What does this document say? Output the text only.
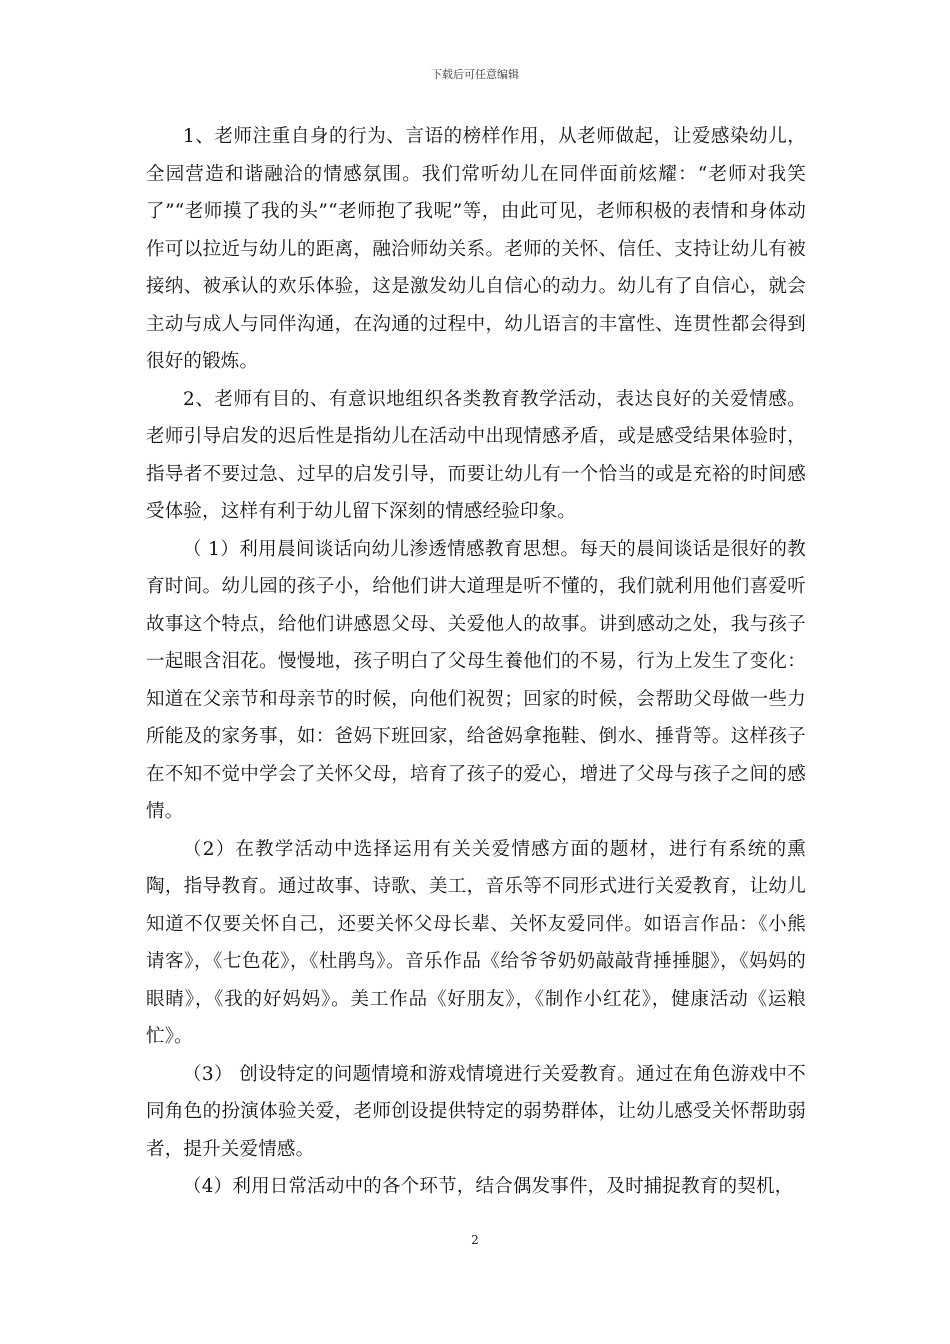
下载后可任意编辑

1、老师注重自身的行为、言语的榜样作用，从老师做起，让爱感染幼儿，全园营造和谐融洽的情感氛围。我们常听幼儿在同伴面前炫耀：“老师对我笑了”“老师摸了我的头”“老师抱了我呢”等，由此可见，老师积极的表情和身体动作可以拉近与幼儿的距离，融洽师幼关系。老师的关怀、信任、支持让幼儿有被接纳、被承认的欢乐体验，这是激发幼儿自信心的动力。幼儿有了自信心，就会主动与成人与同伴沟通，在沟通的过程中，幼儿语言的丰富性、连贯性都会得到很好的锻炼。

2、老师有目的、有意识地组织各类教育教学活动，表达良好的关爱情感。老师引导启发的迟后性是指幼儿在活动中出现情感矛盾，或是感受结果体验时，指导者不要过急、过早的启发引导，而要让幼儿有一个恰当的或是充裕的时间感受体验，这样有利于幼儿留下深刻的情感经验印象。

（ 1）利用晨间谈话向幼儿渗透情感教育思想。每天的晨间谈话是很好的教育时间。幼儿园的孩子小，给他们讲大道理是听不懂的，我们就利用他们喜爱听故事这个特点，给他们讲感恩父母、关爱他人的故事。讲到感动之处，我与孩子一起眼含泪花。慢慢地，孩子明白了父母生養他们的不易，行为上发生了变化：知道在父亲节和母亲节的时候，向他们祝贺；回家的时候，会帮助父母做一些力所能及的家务事，如：爸妈下班回家，给爸妈拿拖鞋、倒水、捶背等。这样孩子在不知不觉中学会了关怀父母，培育了孩子的爱心，增进了父母与孩子之间的感情。

（2）在教学活动中选择运用有关关爱情感方面的题材，进行有系统的熏陶，指导教育。通过故事、诗歌、美工，音乐等不同形式进行关爱教育，让幼儿知道不仅要关怀自己，还要关怀父母长辈、关怀友爱同伴。如语言作品：《小熊请客》，《七色花》，《杜鹃鸟》。音乐作品《给爷爷奶奶敲敲背捶捶腿》，《妈妈的眼睛》，《我的好妈妈》。美工作品《好朋友》，《制作小红花》，健康活动《运粮忙》。

（3） 创设特定的问题情境和游戏情境进行关爱教育。通过在角色游戏中不同角色的扮演体验关爱，老师创设提供特定的弱势群体，让幼儿感受关怀帮助弱者，提升关爱情感。

（4）利用日常活动中的各个环节，结合偶发事件，及时捕捉教育的契机，

2
